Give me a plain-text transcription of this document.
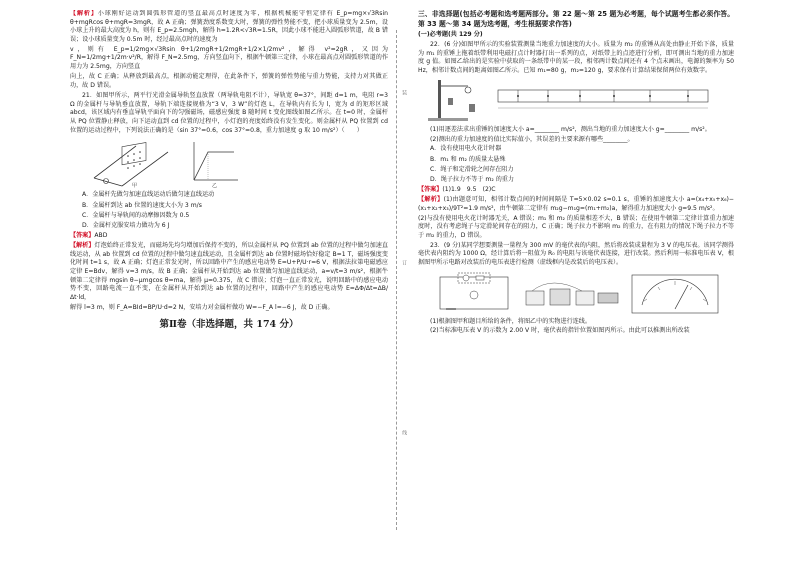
【解析】小球刚好运动到圆弧形管道的竖直最高点时速度为零，根据机械能守恒定律有 E_p=mg×√3Rsin θ+mgRcos θ+mgR=3mgR，故 A 正确；弹簧劲度系数变大时，弹簧的弹性势能不变，把小球质量变为 2.5m，设小球上升的最大高度为 h，则有 E_p=2.5mgh，解得 h=1.2R<√3R=1.5R，因此小球不能进入圆弧形管道，故 B 错误；设小球质量变为 0.5m 时，经过最高点时的速度为

v，则有 E_p=1/2mg×√3Rsin θ+1/2mgR+1/2mgR+1/2×1/2mv²，解得 v²=2gR，又因为 F_N=1/2mg+1/2m·v²/R，解得 F_N=2.5mg，方向竖直向下，根据牛顿第三定律，小球在最高点对圆弧形管道的作用力为 2.5mg，方向竖直

向上，故 C 正确；从释放到最高点，根据动能定理得，在此条件下，弹簧的弹性势能与重力势能，支持力对其做正功，故 D 错误。

21．如图甲所示，两平行光滑金属导轨竖直放置（两导轨电阻不计），导轨宽 θ=37°，间距 d=1 m，电阻 r=3 Ω 的金属杆与导轨垂直放置，导轨下端连接规格为“3 V，3 W”的灯泡 L，在导轨内有长为 l，宽为 d 的矩形区域 abcd，该区域内有垂直导轨平面向下的匀强磁场，磁感应强度 B 随时间 t 变化图线如图乙所示。在 t=0 时，金属杆从 PQ 位置静止释放，向下运动直到 cd 位置的过程中，小灯泡的亮度始终没有发生变化。则金属杆从 PQ 位置到 cd 位置的运动过程中，下列说法正确的是（sin 37°=0.6，cos 37°=0.8，重力加速度 g 取 10 m/s²）（　　）

甲	乙

A．金属杆先做匀加速直线运动后做匀速直线运动

B．金属杆到达 ab 位置的速度大小为 3 m/s

C．金属杆与导轨间的动摩擦因数为 0.5

D．金属杆克服安培力做功为 6 J

【答案】ABD

【解析】灯泡始终正常发光，而磁场先均匀增加后保持不变的，所以金属杆从 PQ 位置到 ab 位置的过程中做匀加速直线运动，从 ab 位置到 cd 位置的过程中做匀速直线运动，且金属杆到达 ab 位置时磁场恰好稳定 B=1 T，磁场强度变化时间 t=1 s，故 A 正确；灯泡正常发光时，所以回路中产生的感应电动势 E=U+P/U·r=6 V，根据法拉第电磁感应定律 E=Bdv，解得 v=3 m/s，故 B 正确；金属杆从开始到达 ab 位置做匀加速直线运动，a=v/t=3 m/s²，根据牛顿第二定律得 mgsin θ−μmgcos θ=ma，解得 μ=0.375，故 C 错误；灯泡一直正常发光，说明回路中的感应电动势不变，回路电流一直不变，在金属杆从开始到达 ab 位置的过程中，回路中产生的感应电动势 E=ΔΦ/Δt=ΔB/Δt·ld，

解得 l=3 m，则 F_A=BId=BP/U·d=2 N，安培力对金属杆做功 W=−F_A l=−6 J，故 D 正确。

第Ⅱ卷（非选择题，共 174 分）
装
订
线

三、非选择题(包括必考题和选考题两部分。第 22 题～第 25 题为必考题，每个试题考生都必须作答。第 33 题～第 34 题为选考题，考生根据要求作答)

(一)必考题(共 129 分)

22．(6 分)如图甲所示的实验装置测量当地重力加速度的大小。质量为 m₂ 的重锤从高处由静止开始下落，质量为 m₁ 的重锤上拖着纸带利用电磁打点计时器打出一系列的点，对纸带上的点迹进行分析，即可测出当地的重力加速度 g 值。如图乙给出的是实验中获取的一条纸带中的某一段，相邻两计数点间还有 4 个点未画出，电源的频率为 50 Hz，相邻计数点间的距离如图乙所示。已知 m₁=80 g，m₂=120 g，要求保有计算结果保留两位有效数字。

(1)用逐差法求出重锤的加速度大小 a=________ m/s²，测出当地的重力加速度大小 g=________ m/s²。

(2)测出的重力加速度的值比实际值小，其误差的主要来源有哪些________。

A．没有使用电火花计时器

B．m₁ 和 m₂ 的质量太悬殊

C．绳子和定滑轮之间存在阻力

D．绳子拉力不等于 m₂ 的重力

【答案】(1)1.9　9.5　(2)C

【解析】(1)由题意可知，相邻计数点间的时间间隔是 T=5×0.02 s=0.1 s，重锤的加速度大小 a=(x₄+x₅+x₆)−(x₁+x₂+x₃)/9T²=1.9 m/s²，由牛顿第二定律有 m₂g−m₁g=(m₁+m₂)a，解得重力加速度大小 g=9.5 m/s²。

(2)与没有使用电火花计时器无关，A 错误；m₁ 和 m₂ 的质量相差不大，B 错误；在使用牛顿第二定律计算重力加速度时，没有考虑绳子与定滑轮间存在的阻力，C 正确；绳子拉力不影响 m₂ 的重力，在有阻力的情况下绳子拉力不等于 m₂ 的重力，D 错误。

23．(9 分)某同学想要测量一量程为 300 mV 的毫伏表的内阻，然后将改装成量程为 3 V 的电压表。该同学测得毫伏表内阻约为 1000 Ω，经计算后将一阻值为 R₀ 的电阻与该毫伏表连接，进行改装。然后利用一标准电压表 V，根据图甲所示电路对改装后的电压表进行检测（虚线框内是改装后的电压表）。

(1)根据图甲和题目所给的条件，将图乙中的实物进行连线。

(2)当标准电压表 V 的示数为 2.00 V 时，毫伏表的指针位置如图丙所示。由此可以推测出所改装
